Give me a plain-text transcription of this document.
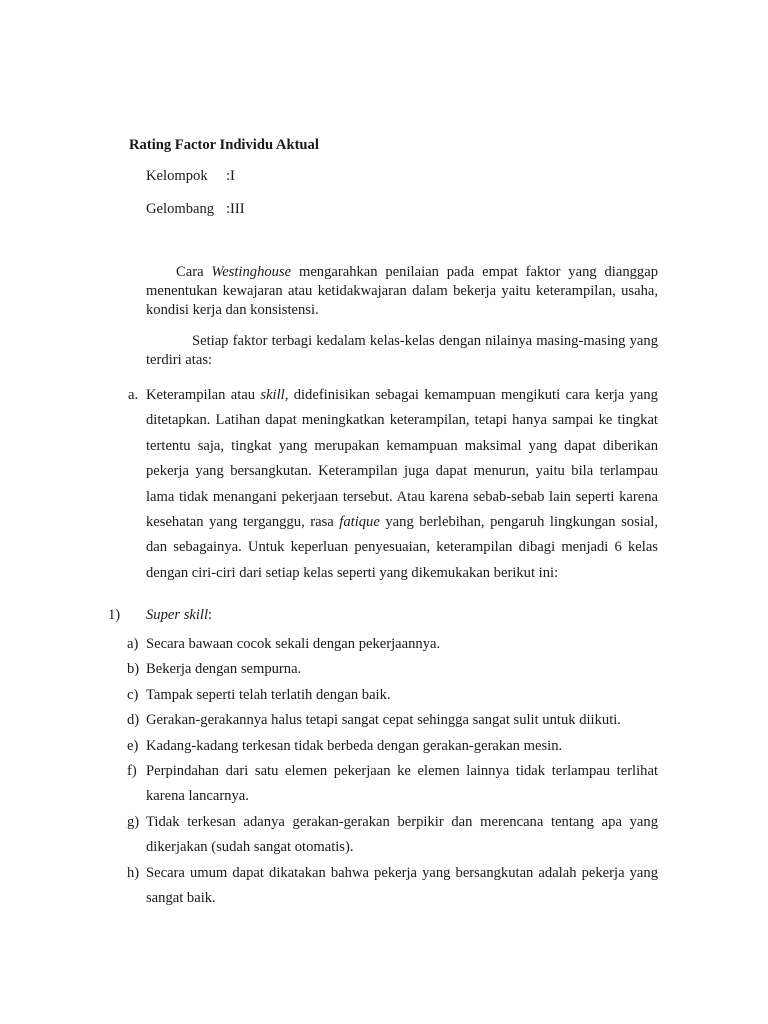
Rating Factor Individu Aktual
Kelompok :I
Gelombang :III

Cara Westinghouse mengarahkan penilaian pada empat faktor yang dianggap menentukan kewajaran atau ketidakwajaran dalam bekerja yaitu keterampilan, usaha, kondisi kerja dan konsistensi.

Setiap faktor terbagi kedalam kelas-kelas dengan nilainya masing-masing yang terdiri atas:

a. Keterampilan atau skill, didefinisikan sebagai kemampuan mengikuti cara kerja yang ditetapkan. Latihan dapat meningkatkan keterampilan, tetapi hanya sampai ke tingkat tertentu saja, tingkat yang merupakan kemampuan maksimal yang dapat diberikan pekerja yang bersangkutan. Keterampilan juga dapat menurun, yaitu bila terlampau lama tidak menangani pekerjaan tersebut. Atau karena sebab-sebab lain seperti karena kesehatan yang terganggu, rasa fatique yang berlebihan, pengaruh lingkungan sosial, dan sebagainya. Untuk keperluan penyesuaian, keterampilan dibagi menjadi 6 kelas dengan ciri-ciri dari setiap kelas seperti yang dikemukakan berikut ini:

1) Super skill:
a) Secara bawaan cocok sekali dengan pekerjaannya.

b) Bekerja dengan sempurna.

c) Tampak seperti telah terlatih dengan baik.

d) Gerakan-gerakannya halus tetapi sangat cepat sehingga sangat sulit untuk diikuti.

e) Kadang-kadang terkesan tidak berbeda dengan gerakan-gerakan mesin.

f) Perpindahan dari satu elemen pekerjaan ke elemen lainnya tidak terlampau terlihat karena lancarnya.

g) Tidak terkesan adanya gerakan-gerakan berpikir dan merencana tentang apa yang dikerjakan (sudah sangat otomatis).

h) Secara umum dapat dikatakan bahwa pekerja yang bersangkutan adalah pekerja yang sangat baik.
